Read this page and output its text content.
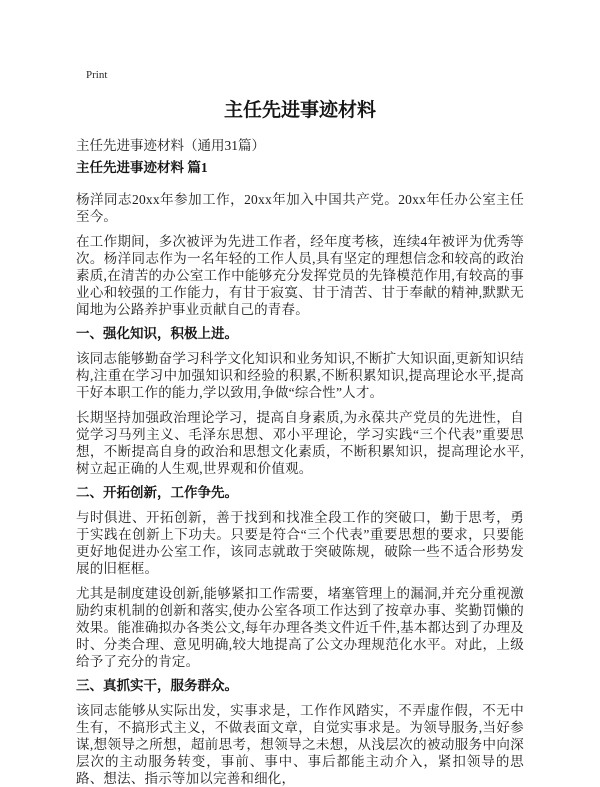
Print
主任先进事迹材料
主任先进事迹材料（通用31篇）
主任先进事迹材料 篇1

杨洋同志20xx年参加工作，20xx年加入中国共产党。20xx年任办公室主任至今。

在工作期间，多次被评为先进工作者，经年度考核，连续4年被评为优秀等次。杨洋同志作为一名年轻的工作人员,具有坚定的理想信念和较高的政治素质,在清苦的办公室工作中能够充分发挥党员的先锋模范作用,有较高的事业心和较强的工作能力，有甘于寂寞、甘于清苦、甘于奉献的精神,默默无闻地为公路养护事业贡献自己的青春。

一、强化知识，积极上进。

该同志能够勤奋学习科学文化知识和业务知识,不断扩大知识面,更新知识结构,注重在学习中加强知识和经验的积累,不断积累知识,提高理论水平,提高干好本职工作的能力,学以致用,争做“综合性”人才。

长期坚持加强政治理论学习，提高自身素质,为永葆共产党员的先进性，自觉学习马列主义、毛泽东思想、邓小平理论，学习实践“三个代表”重要思想，不断提高自身的政治和思想文化素质，不断积累知识，提高理论水平,树立起正确的人生观,世界观和价值观。

二、开拓创新，工作争先。

与时俱进、开拓创新，善于找到和找准全段工作的突破口，勤于思考，勇于实践在创新上下功夫。只要是符合“三个代表”重要思想的要求，只要能更好地促进办公室工作，该同志就敢于突破陈规，破除一些不适合形势发展的旧框框。

尤其是制度建设创新,能够紧扣工作需要，堵塞管理上的漏洞,并充分重视激励约束机制的创新和落实,使办公室各项工作达到了按章办事、奖勤罚懒的效果。能准确拟办各类公文,每年办理各类文件近千件,基本都达到了办理及时、分类合理、意见明确,较大地提高了公文办理规范化水平。对此，上级给予了充分的肯定。

三、真抓实干，服务群众。

该同志能够从实际出发，实事求是，工作作风踏实，不弄虚作假，不无中生有，不搞形式主义，不做表面文章，自觉实事求是。为领导服务,当好参谋,想领导之所想，超前思考，想领导之未想，从浅层次的被动服务中向深层次的主动服务转变，事前、事中、事后都能主动介入，紧扣领导的思路、想法、指示等加以完善和细化，
